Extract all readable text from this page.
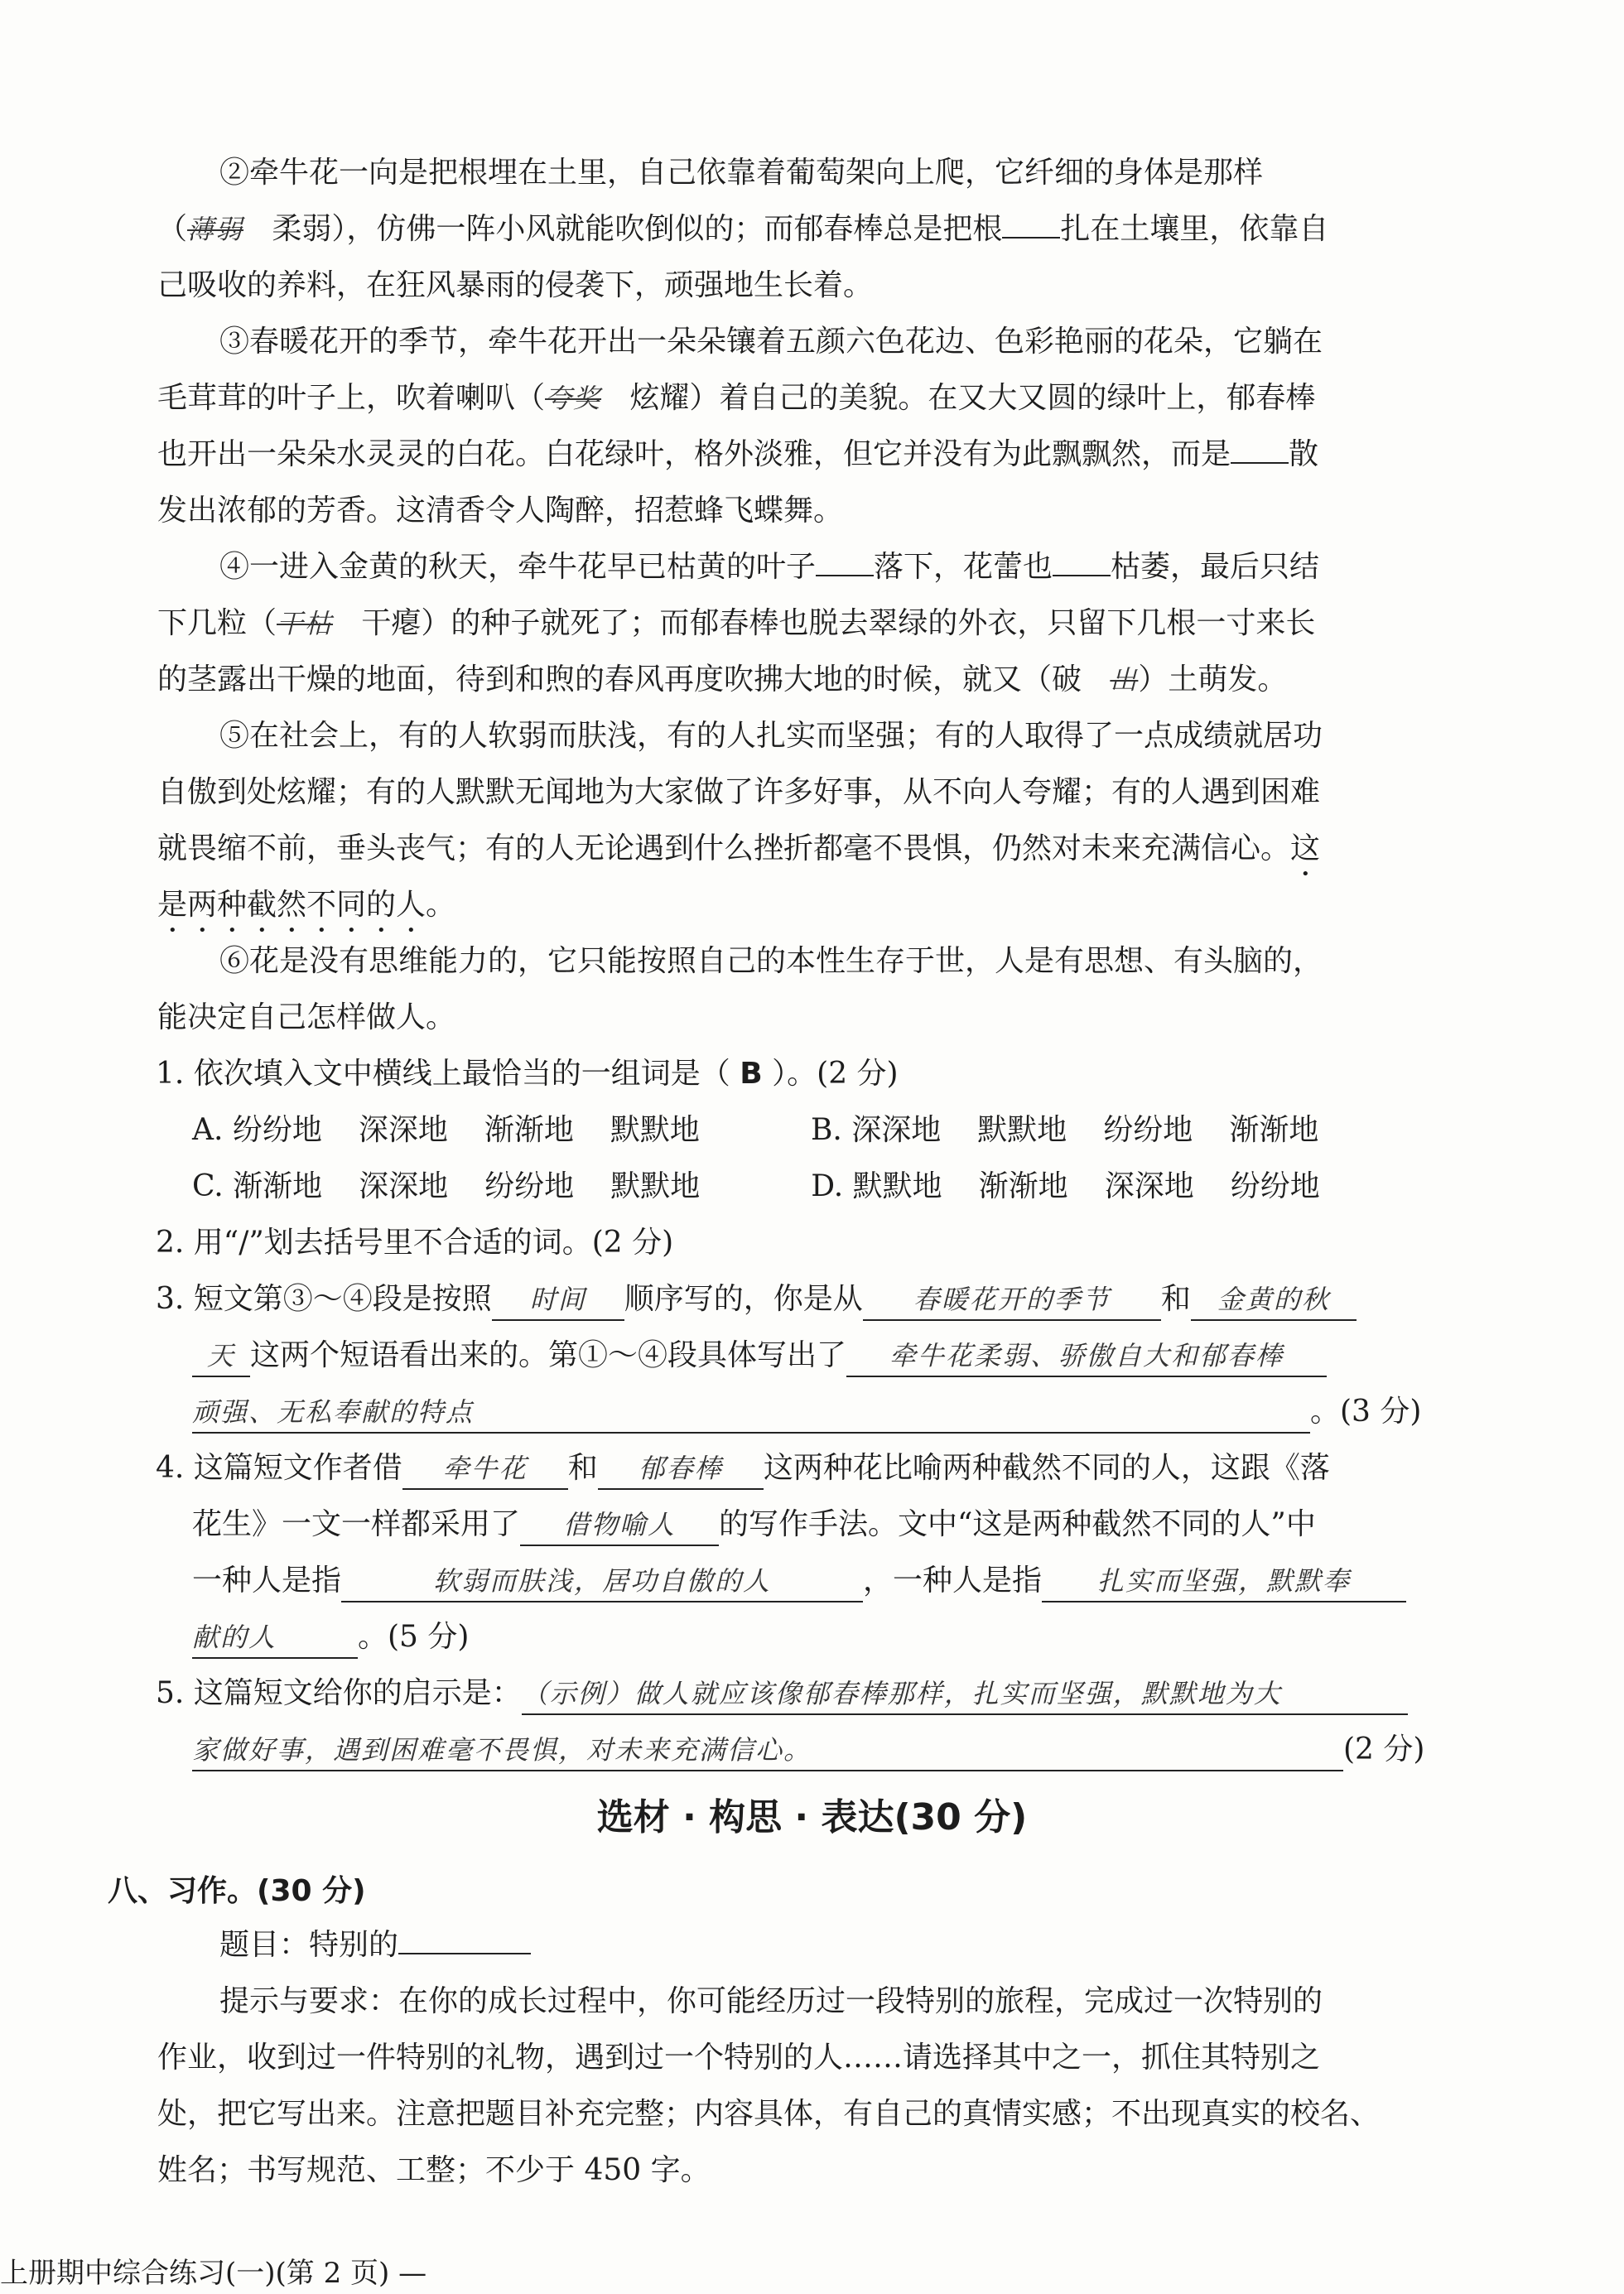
②牵牛花一向是把根埋在土里，自己依靠着葡萄架向上爬，它纤细的身体是那样
（薄弱 柔弱），仿佛一阵小风就能吹倒似的；而郁春棒总是把根 扎在土壤里，依靠自
己吸收的养料，在狂风暴雨的侵袭下，顽强地生长着。
③春暖花开的季节，牵牛花开出一朵朵镶着五颜六色花边、色彩艳丽的花朵，它躺在
毛茸茸的叶子上，吹着喇叭（夸奖 炫耀）着自己的美貌。在又大又圆的绿叶上，郁春棒
也开出一朵朵水灵灵的白花。白花绿叶，格外淡雅，但它并没有为此飘飘然，而是 散
发出浓郁的芳香。这清香令人陶醉，招惹蜂飞蝶舞。
④一进入金黄的秋天，牵牛花早已枯黄的叶子 落下，花蕾也 枯萎，最后只结
下几粒（干枯 干瘪）的种子就死了；而郁春棒也脱去翠绿的外衣，只留下几根一寸来长
的茎露出干燥的地面，待到和煦的春风再度吹拂大地的时候，就又（破 出）土萌发。
⑤在社会上，有的人软弱而肤浅，有的人扎实而坚强；有的人取得了一点成绩就居功
自傲到处炫耀；有的人默默无闻地为大家做了许多好事，从不向人夸耀；有的人遇到困难
就畏缩不前，垂头丧气；有的人无论遇到什么挫折都毫不畏惧，仍然对未来充满信心。这
是两种截然不同的人。
⑥花是没有思维能力的，它只能按照自己的本性生存于世，人是有思想、有头脑的，
能决定自己怎样做人。
1. 依次填入文中横线上最恰当的一组词是（ B ）。(2 分)
A. 纷纷地 深深地 渐渐地 默默地	B. 深深地 默默地 纷纷地 渐渐地
C. 渐渐地 深深地 纷纷地 默默地	D. 默默地 渐渐地 深深地 纷纷地
2. 用“/”划去括号里不合适的词。(2 分)
3. 短文第③～④段是按照 时间 顺序写的，你是从 春暖花开的季节 和 金黄的秋
天 这两个短语看出来的。第①～④段具体写出了 牵牛花柔弱、骄傲自大和郁春棒
顽强、无私奉献的特点	。(3 分)
4. 这篇短文作者借 牵牛花 和 郁春棒 这两种花比喻两种截然不同的人，这跟《落
花生》一文一样都采用了 借物喻人 的写作手法。文中“这是两种截然不同的人”中
一种人是指	软弱而肤浅，居功自傲的人	，一种人是指 扎实而坚强，默默奉
献的人	。(5 分)
5. 这篇短文给你的启示是：（示例）做人就应该像郁春棒那样，扎实而坚强，默默地为大
家做好事，遇到困难毫不畏惧，对未来充满信心。	(2 分)
选材 · 构思 · 表达(30 分)
八、习作。(30 分)
题目：特别的
提示与要求：在你的成长过程中，你可能经历过一段特别的旅程，完成过一次特别的
作业，收到过一件特别的礼物，遇到过一个特别的人……请选择其中之一，抓住其特别之
处，把它写出来。注意把题目补充完整；内容具体，有自己的真情实感；不出现真实的校名、
姓名；书写规范、工整；不少于 450 字。
上册期中综合练习(一)(第 2 页) —
